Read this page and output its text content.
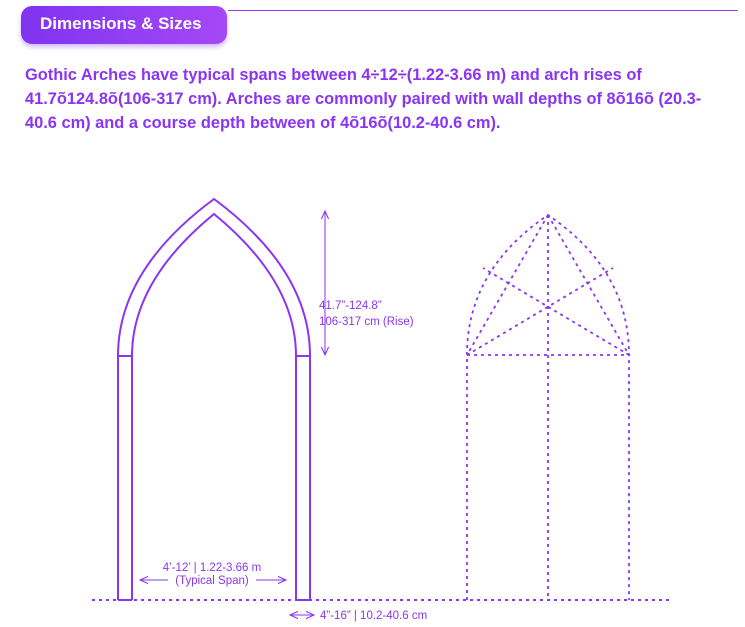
Dimensions & Sizes
Gothic Arches have typical spans between 4÷12÷(1.22-3.66 m) and arch rises of 41.7õ124.8õ(106-317 cm). Arches are commonly paired with wall depths of 8õ16õ (20.3-40.6 cm) and a course depth between of 4õ16õ(10.2-40.6 cm).
41.7”-124.8”
106-317 cm (Rise)
4’-12’ | 1.22-3.66 m
(Typical Span)
4”-16” | 10.2-40.6 cm
